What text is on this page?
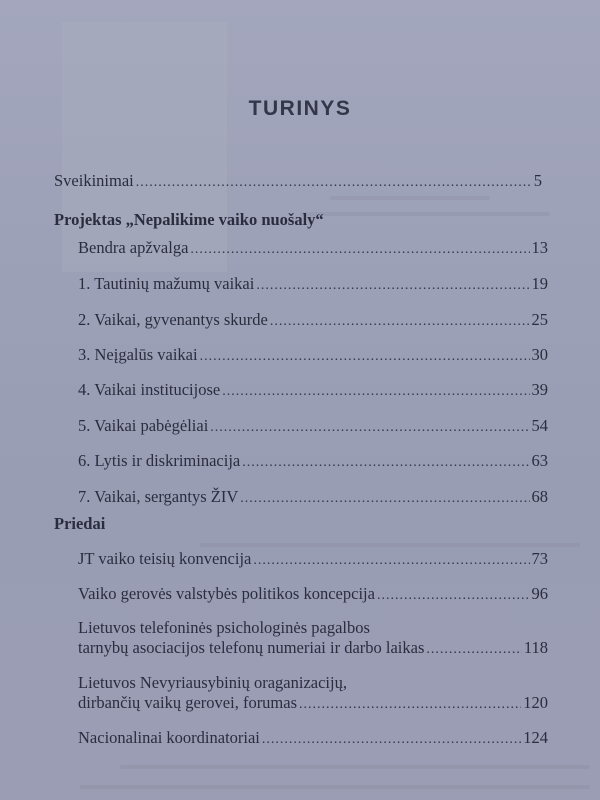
TURINYS
Sveikinimai .....	5
Projektas „Nepalikime vaiko nuošaly“
Bendra apžvalga .....	13
1. Tautinių mažumų vaikai .....	19
2. Vaikai, gyvenantys skurde .....	25
3. Neįgalūs vaikai .....	30
4. Vaikai institucijose .....	39
5. Vaikai pabėgėliai .....	54
6. Lytis ir diskriminacija .....	63
7. Vaikai, sergantys ŽIV .....	68
Priedai
JT vaiko teisių konvencija .....	73
Vaiko gerovės valstybės politikos koncepcija .....	96
Lietuvos telefoninės psichologinės pagalbos
tarnybų asociacijos telefonų numeriai ir darbo laikas .....	118
Lietuvos Nevyriausybinių oraganizacijų,
dirbančių vaikų gerovei, forumas .....	120
Nacionalinai koordinatoriai .....	124
